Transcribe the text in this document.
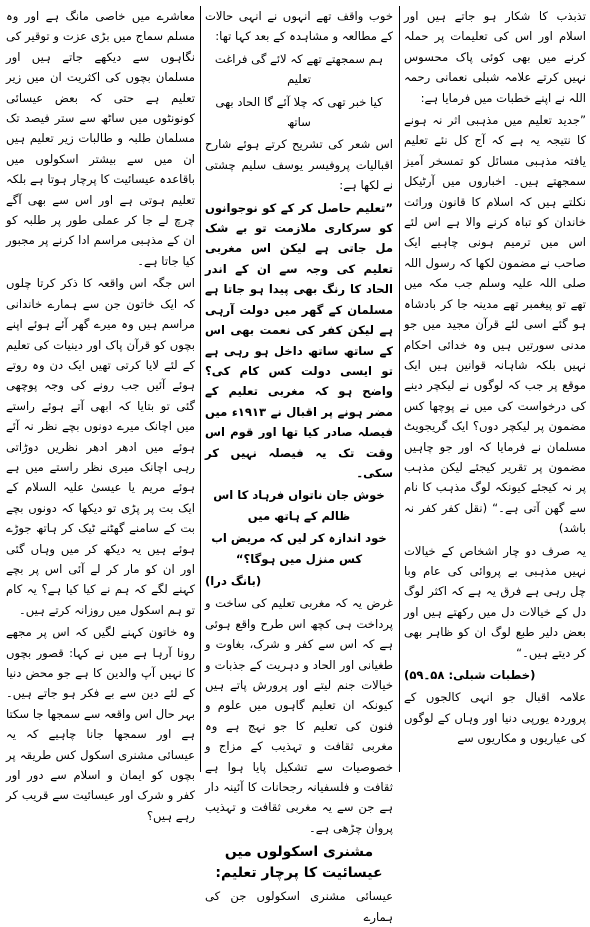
تذبذب کا شکار ہو جاتے ہیں اور اسلام اور اس کی تعلیمات پر حملہ کرنے میں بھی کوئی پاک محسوس نہیں کرتے علامہ شبلی نعمانی رحمہ اللہ نے اپنے خطبات میں فرمایا ہے:

”جدید تعلیم میں مذہبی اثر نہ ہونے کا نتیجہ یہ ہے کہ آج کل نئے تعلیم یافتہ مذہبی مسائل کو تمسخر آمیز سمجھتے ہیں۔ اخباروں میں آرٹیکل نکلتے ہیں کہ اسلام کا قانون وراثت خاندان کو تباہ کرنے والا ہے اس لئے اس میں ترمیم ہونی چاہیے ایک صاحب نے مضمون لکھا کہ رسول اللہ صلی اللہ علیہ وسلم جب مکہ میں تھے تو پیغمبر تھے مدینہ جا کر بادشاہ ہو گئے اسی لئے قرآن مجید میں جو مدنی سورتیں ہیں وہ خدائی احکام نہیں بلکہ شاہانہ قوانین ہیں ایک موقع پر جب کہ لوگوں نے لیکچر دینے کی درخواست کی میں نے پوچھا کس مضمون پر لیکچر دوں؟ ایک گریجویٹ مسلمان نے فرمایا کہ اور جو چاہیں مضمون پر تقریر کیجئے لیکن مذہب پر نہ کیجئے کیونکہ لوگ مذہب کا نام سے گھن آتی ہے۔“ (نقل کفر کفر نہ باشد)

یہ صرف دو چار اشخاص کے خیالات نہیں مذہبی بے پروائی کی عام وبا چل رہی ہے فرق یہ ہے کہ اکثر لوگ دل کے خیالات دل میں رکھتے ہیں اور بعض دلیر طبع لوگ ان کو ظاہر بھی کر دیتے ہیں۔“

(خطبات شبلی: ۵۸۔۵۹)

علامہ اقبال جو انہی کالجوں کے پروردہ یورپی دنیا اور وہاں کے لوگوں کی عیاریوں و مکاریوں سے

خوب واقف تھے انہوں نے انہی حالات کے مطالعہ و مشاہدہ کے بعد کہا تھا:

ہم سمجھتے تھے کہ لائے گی فراغت تعلیم

کیا خبر تھی کہ چلا آئے گا الحاد بھی ساتھ

اس شعر کی تشریح کرتے ہوئے شارح اقبالیات پروفیسر یوسف سلیم چشتی نے لکھا ہے:

”تعلیم حاصل کر کے کو نوجوانوں کو سرکاری ملازمت تو بے شک مل جاتی ہے لیکن اس مغربی تعلیم کی وجہ سے ان کے اندر الحاد کا رنگ بھی پیدا ہو جاتا ہے مسلمان کے گھر میں دولت آرہی ہے لیکن کفر کی نعمت بھی اس کے ساتھ ساتھ داخل ہو رہی ہے تو ایسی دولت کس کام کی؟ واضح ہو کہ مغربی تعلیم کے مضر ہونے پر اقبال نے ۱۹۱۳ء میں فیصلہ صادر کیا تھا اور قوم اس وقت تک یہ فیصلہ نہیں کر سکی۔

خوش جان ناتواں فرہاد کا اس ظالم کے ہاتھ میں

خود اندازہ کر لیں کہ مریض اب کس منزل میں ہوگا؟“

(بانگ درا)

غرض یہ کہ مغربی تعلیم کی ساخت و پرداخت ہی کچھ اس طرح واقع ہوئی ہے کہ اس سے کفر و شرک، بغاوت و طغیانی اور الحاد و دہریت کے جذبات و خیالات جنم لیتے اور پرورش پاتے ہیں کیونکہ ان تعلیم گاہوں میں علوم و فنون کی تعلیم کا جو نہج ہے وہ مغربی ثقافت و تہذیب کے مزاج و خصوصیات سے تشکیل پایا ہوا ہے ثقافت و فلسفیانہ رجحانات کا آئینہ دار ہے جن سے یہ مغربی ثقافت و تہذیب پروان چڑھی ہے۔

مشنری اسکولوں میں عیسائیت کا پرچار تعلیم:

عیسائی مشنری اسکولوں جن کی ہمارے

معاشرے میں خاصی مانگ ہے اور وہ مسلم سماج میں بڑی عزت و توقیر کی نگاہوں سے دیکھے جاتے ہیں اور مسلمان بچوں کی اکثریت ان میں زیر تعلیم ہے حتی کہ بعض عیسائی کونونٹوں میں ساٹھ سے ستر فیصد تک مسلمان طلبہ و طالبات زیر تعلیم ہیں ان میں سے بیشتر اسکولوں میں باقاعدہ عیسائیت کا پرچار ہوتا ہے بلکہ تعلیم ہوتی ہے اور اس سے بھی آگے چرچ لے جا کر عملی طور پر طلبہ کو ان کے مذہبی مراسم ادا کرنے پر مجبور کیا جاتا ہے۔

اس جگہ اس واقعہ کا ذکر کرتا چلوں کہ ایک خاتون جن سے ہمارے خاندانی مراسم ہیں وہ میرے گھر آئے ہوئے اپنے بچوں کو قرآن پاک اور دینیات کی تعلیم کے لئے لایا کرتی تھیں ایک دن وہ روتے ہوئے آئیں جب رونے کی وجہ پوچھی گئی تو بتایا کہ ابھی آتے ہوئے راستے میں اچانک میرے دونوں بچے نظر نہ آئے ہوئے میں ادھر ادھر نظریں دوڑاتی رہی اچانک میری نظر راستے میں ہے ہوئے مریم یا عیسیٰ علیہ السلام کے ایک بت پر پڑی تو دیکھا کہ دونوں بچے بت کے سامنے گھٹنے ٹیک کر ہاتھ جوڑے ہوئے ہیں یہ دیکھ کر میں وہاں گئی اور ان کو مار کر لے آئی اس پر بچے کہنے لگے کہ ہم نے کیا کیا ہے؟ یہ کام تو ہم اسکول میں روزانہ کرتے ہیں۔

وہ خاتون کہنے لگیں کہ اس پر مجھے رونا آرہا ہے میں نے کہا: قصور بچوں کا نہیں آپ والدین کا ہے جو محض دنیا کے لئے دین سے بے فکر ہو جاتے ہیں۔ بہر حال اس واقعہ سے سمجھا جا سکتا ہے اور سمجھا جانا چاہیے کہ یہ عیسائی مشنری اسکول کس طریقہ پر بچوں کو ایمان و اسلام سے دور اور کفر و شرک اور عیسائیت سے قریب کر رہے ہیں؟
